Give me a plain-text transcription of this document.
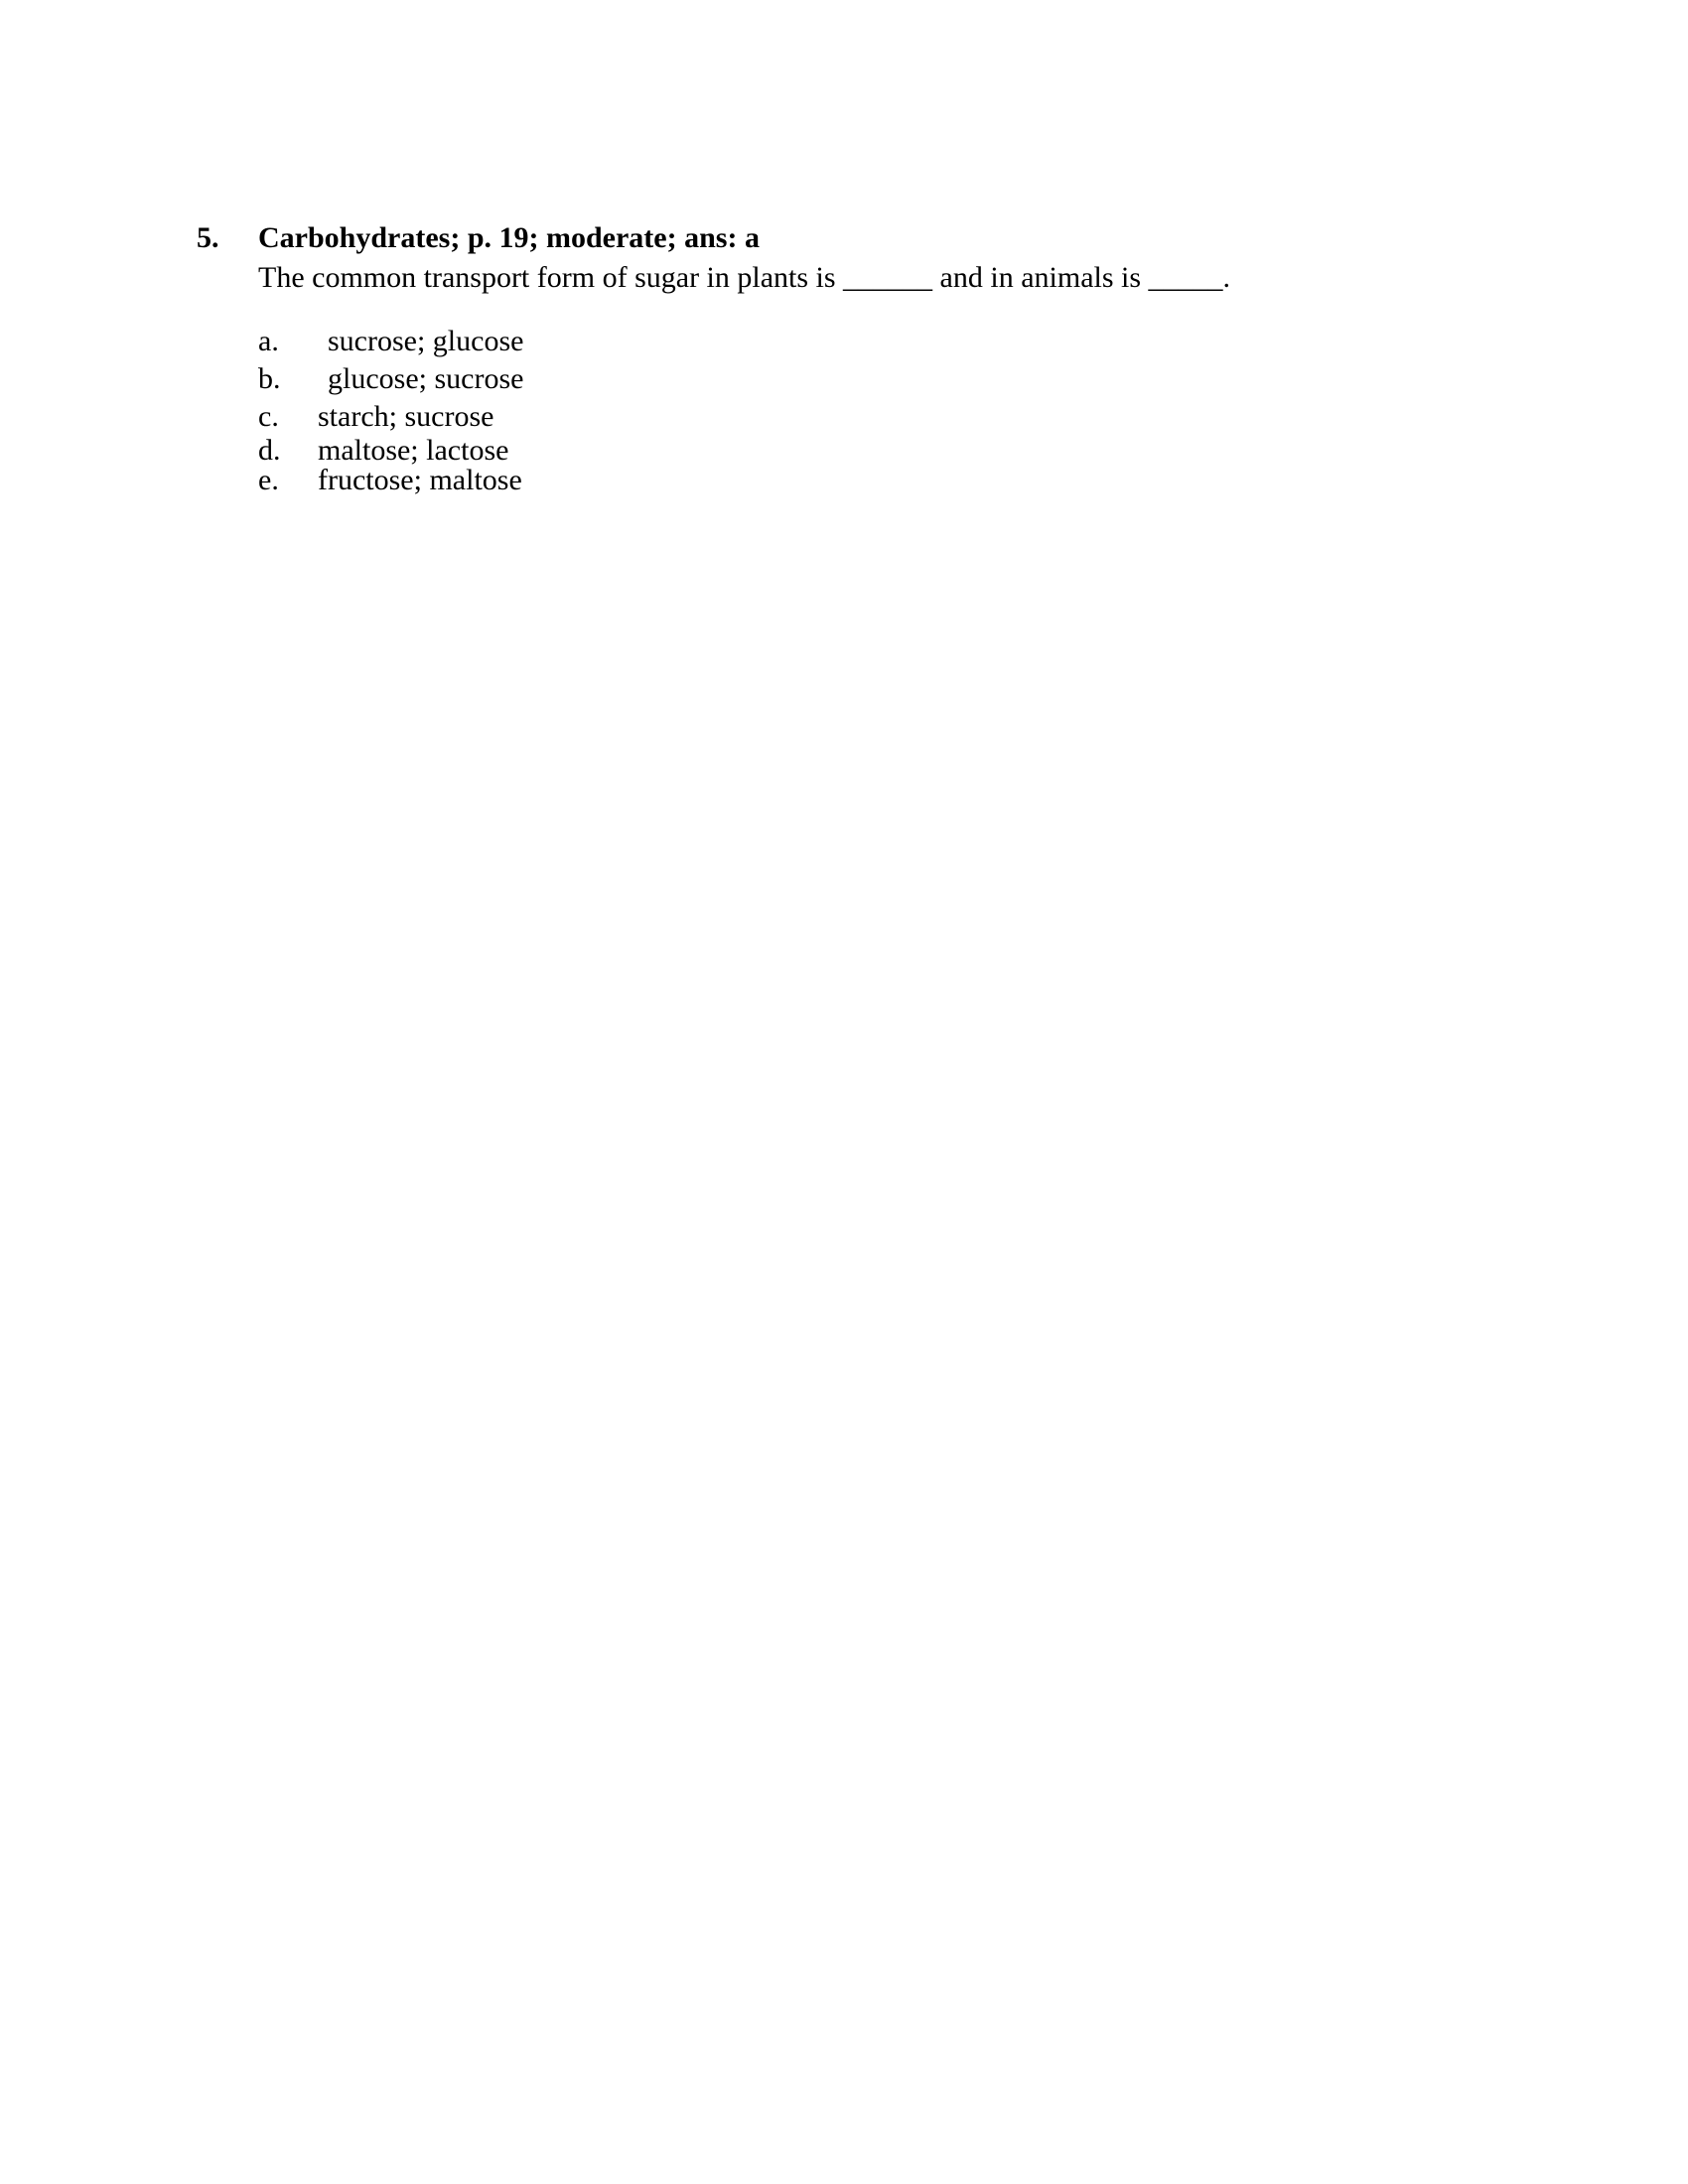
5. Carbohydrates; p. 19; moderate; ans: a
The common transport form of sugar in plants is ______ and in animals is _____.
a. sucrose; glucose
b. glucose; sucrose
c. starch; sucrose
d. maltose; lactose
e. fructose; maltose
